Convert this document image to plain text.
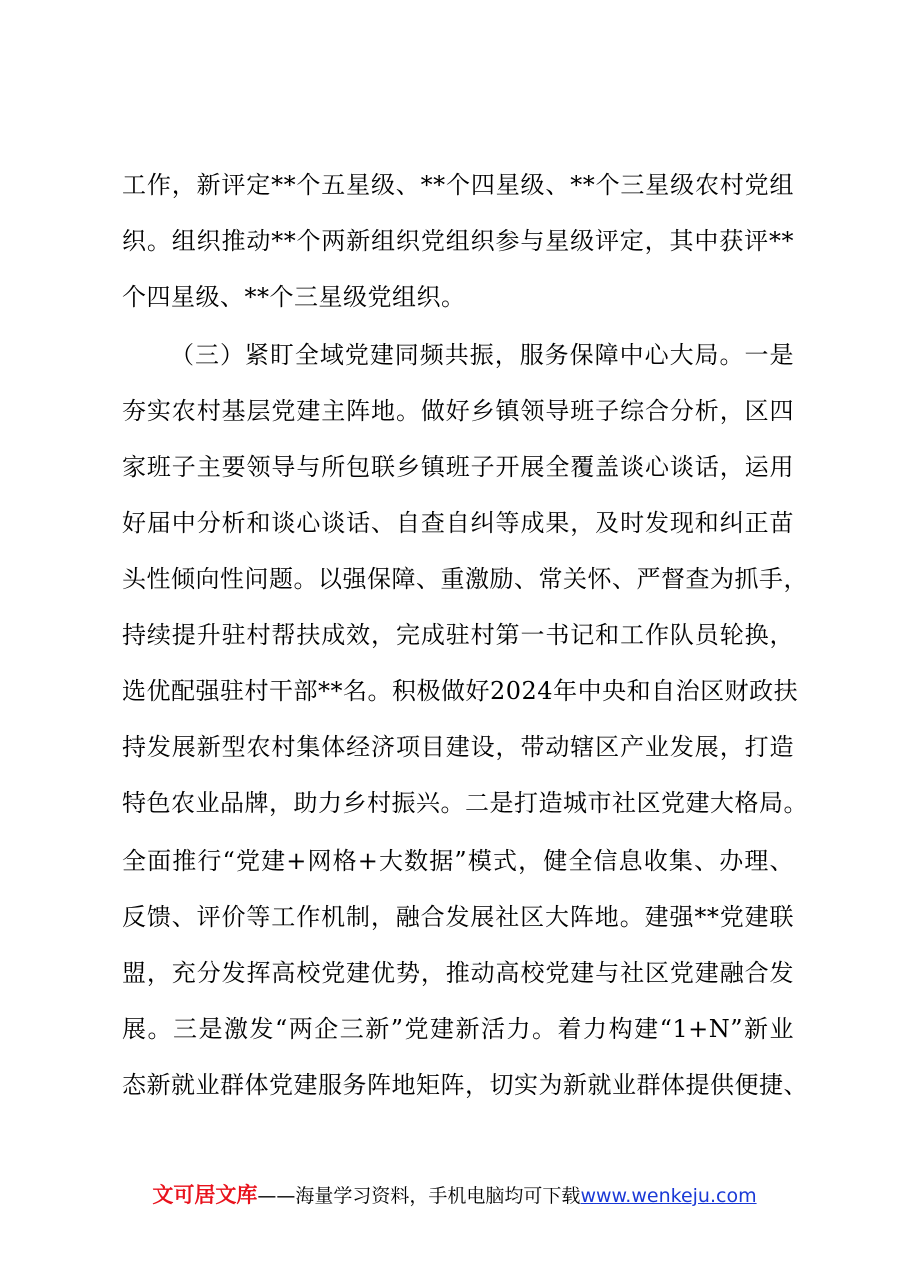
工作，新评定**个五星级、**个四星级、**个三星级农村党组
织。组织推动**个两新组织党组织参与星级评定，其中获评**
个四星级、**个三星级党组织。
（三）紧盯全域党建同频共振，服务保障中心大局。一是
夯实农村基层党建主阵地。做好乡镇领导班子综合分析，区四
家班子主要领导与所包联乡镇班子开展全覆盖谈心谈话，运用
好届中分析和谈心谈话、自查自纠等成果，及时发现和纠正苗
头性倾向性问题。以强保障、重激励、常关怀、严督查为抓手，
持续提升驻村帮扶成效，完成驻村第一书记和工作队员轮换，
选优配强驻村干部**名。积极做好2024年中央和自治区财政扶
持发展新型农村集体经济项目建设，带动辖区产业发展，打造
特色农业品牌，助力乡村振兴。二是打造城市社区党建大格局。
全面推行“党建+网格+大数据”模式，健全信息收集、办理、
反馈、评价等工作机制，融合发展社区大阵地。建强**党建联
盟，充分发挥高校党建优势，推动高校党建与社区党建融合发
展。三是激发“两企三新”党建新活力。着力构建“1+N”新业
态新就业群体党建服务阵地矩阵，切实为新就业群体提供便捷、
文可居文库——海量学习资料，手机电脑均可下载www.wenkeju.com
